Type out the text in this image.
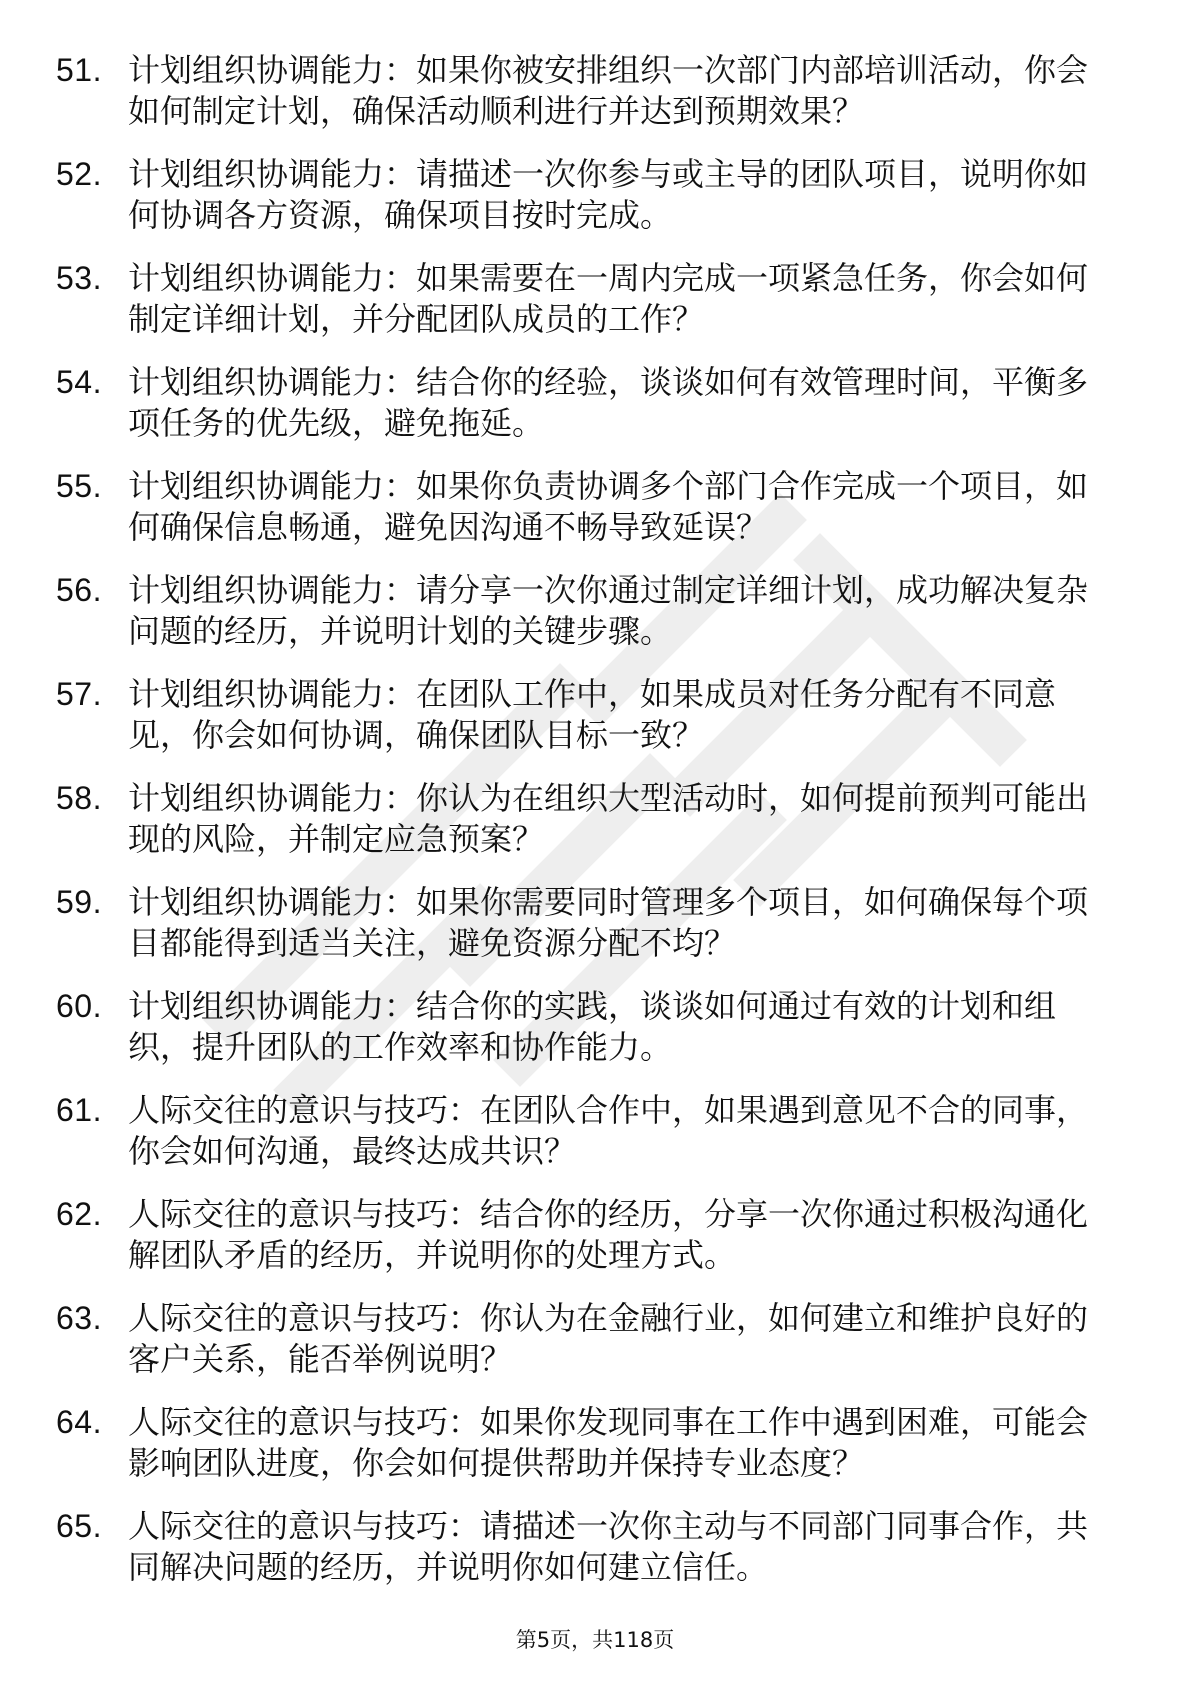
51. 计划组织协调能力：如果你被安排组织一次部门内部培训活动，你会如何制定计划，确保活动顺利进行并达到预期效果？
52. 计划组织协调能力：请描述一次你参与或主导的团队项目，说明你如何协调各方资源，确保项目按时完成。
53. 计划组织协调能力：如果需要在一周内完成一项紧急任务，你会如何制定详细计划，并分配团队成员的工作？
54. 计划组织协调能力：结合你的经验，谈谈如何有效管理时间，平衡多项任务的优先级，避免拖延。
55. 计划组织协调能力：如果你负责协调多个部门合作完成一个项目，如何确保信息畅通，避免因沟通不畅导致延误？
56. 计划组织协调能力：请分享一次你通过制定详细计划，成功解决复杂问题的经历，并说明计划的关键步骤。
57. 计划组织协调能力：在团队工作中，如果成员对任务分配有不同意见，你会如何协调，确保团队目标一致？
58. 计划组织协调能力：你认为在组织大型活动时，如何提前预判可能出现的风险，并制定应急预案？
59. 计划组织协调能力：如果你需要同时管理多个项目，如何确保每个项目都能得到适当关注，避免资源分配不均？
60. 计划组织协调能力：结合你的实践，谈谈如何通过有效的计划和组织，提升团队的工作效率和协作能力。
61. 人际交往的意识与技巧：在团队合作中，如果遇到意见不合的同事，你会如何沟通，最终达成共识？
62. 人际交往的意识与技巧：结合你的经历，分享一次你通过积极沟通化解团队矛盾的经历，并说明你的处理方式。
63. 人际交往的意识与技巧：你认为在金融行业，如何建立和维护良好的客户关系，能否举例说明？
64. 人际交往的意识与技巧：如果你发现同事在工作中遇到困难，可能会影响团队进度，你会如何提供帮助并保持专业态度？
65. 人际交往的意识与技巧：请描述一次你主动与不同部门同事合作，共同解决问题的经历，并说明你如何建立信任。
第5页，共118页
